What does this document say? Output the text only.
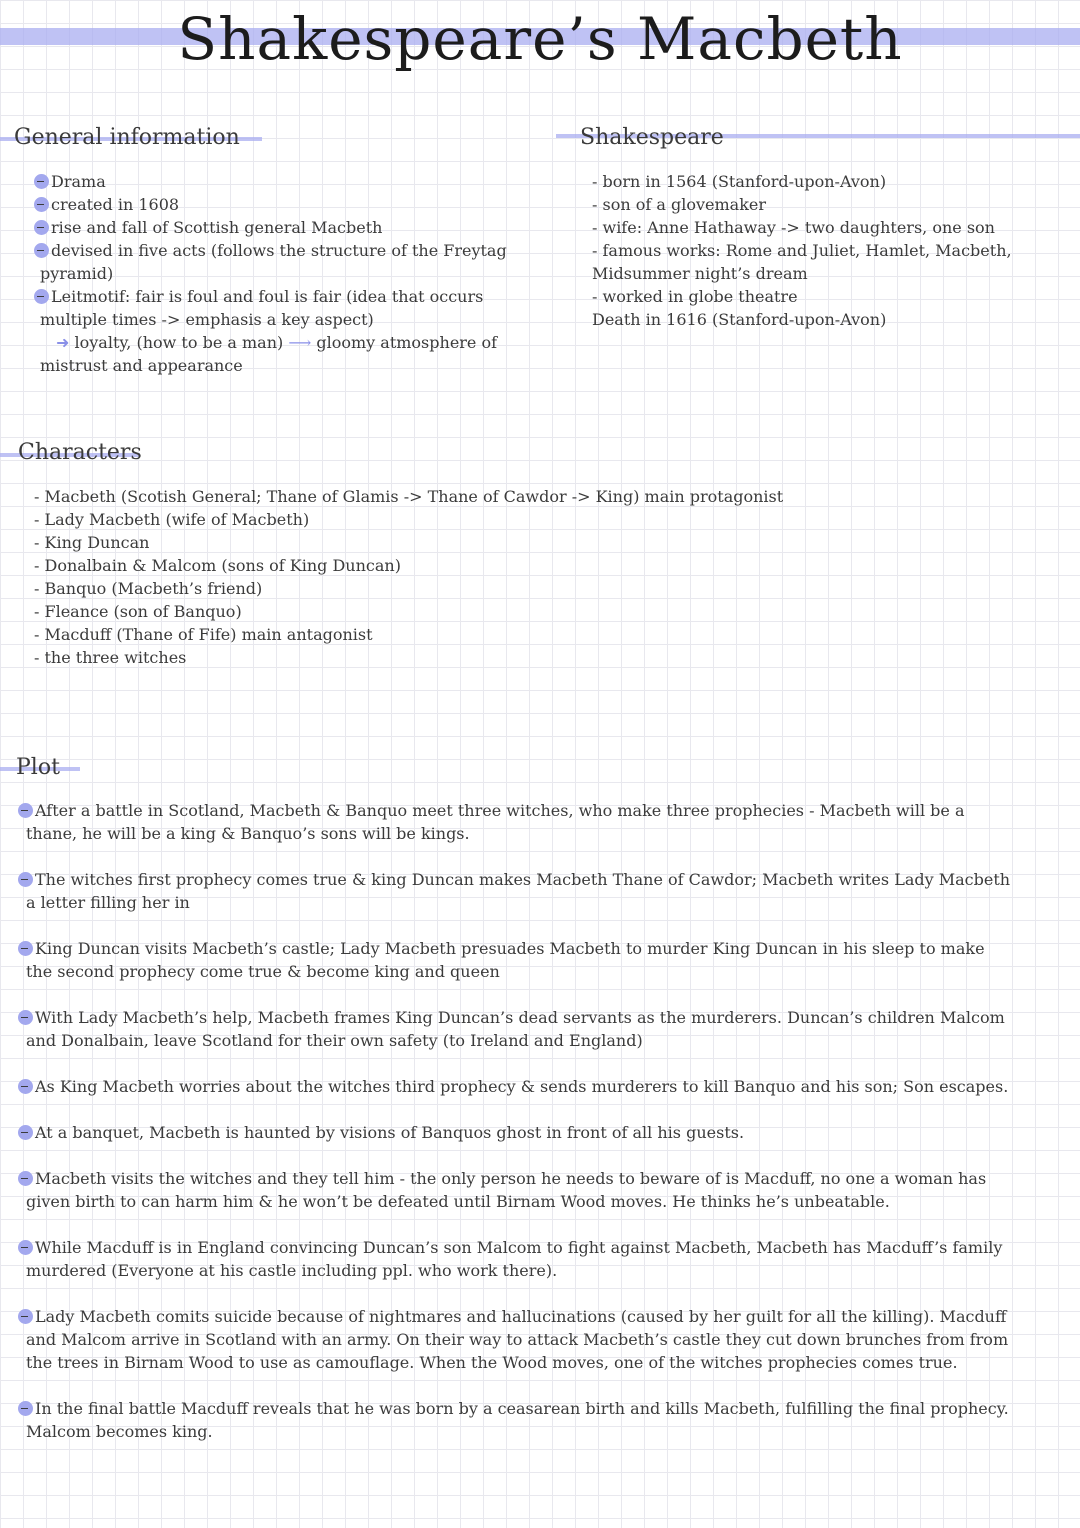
Shakespeare’s Macbeth
General information
Drama
created in 1608
rise and fall of Scottish general Macbeth
devised in five acts (follows the structure of the Freytag
pyramid)
Leitmotif: fair is foul and foul is fair (idea that occurs
multiple times -> emphasis a key aspect)
➜ loyalty, (how to be a man) ⟶ gloomy atmosphere of
mistrust and appearance
Shakespeare
- born in 1564 (Stanford-upon-Avon)
- son of a glovemaker
- wife: Anne Hathaway -> two daughters, one son
- famous works: Rome and Juliet, Hamlet, Macbeth,
Midsummer night’s dream
- worked in globe theatre
Death in 1616 (Stanford-upon-Avon)
Characters
- Macbeth (Scotish General; Thane of Glamis -> Thane of Cawdor -> King) main protagonist
- Lady Macbeth (wife of Macbeth)
- King Duncan
- Donalbain & Malcom (sons of King Duncan)
- Banquo (Macbeth’s friend)
- Fleance (son of Banquo)
- Macduff (Thane of Fife) main antagonist
- the three witches
Plot
After a battle in Scotland, Macbeth & Banquo meet three witches, who make three prophecies - Macbeth will be a
thane, he will be a king & Banquo’s sons will be kings.
The witches first prophecy comes true & king Duncan makes Macbeth Thane of Cawdor; Macbeth writes Lady Macbeth
a letter filling her in
King Duncan visits Macbeth’s castle; Lady Macbeth presuades Macbeth to murder King Duncan in his sleep to make
the second prophecy come true & become king and queen
With Lady Macbeth’s help, Macbeth frames King Duncan’s dead servants as the murderers. Duncan’s children Malcom
and Donalbain, leave Scotland for their own safety (to Ireland and England)
As King Macbeth worries about the witches third prophecy & sends murderers to kill Banquo and his son; Son escapes.
At a banquet, Macbeth is haunted by visions of Banquos ghost in front of all his guests.
Macbeth visits the witches and they tell him - the only person he needs to beware of is Macduff, no one a woman has
given birth to can harm him & he won’t be defeated until Birnam Wood moves. He thinks he’s unbeatable.
While Macduff is in England convincing Duncan’s son Malcom to fight against Macbeth, Macbeth has Macduff’s family
murdered (Everyone at his castle including ppl. who work there).
Lady Macbeth comits suicide because of nightmares and hallucinations (caused by her guilt for all the killing). Macduff
and Malcom arrive in Scotland with an army. On their way to attack Macbeth’s castle they cut down brunches from from
the trees in Birnam Wood to use as camouflage. When the Wood moves, one of the witches prophecies comes true.
In the final battle Macduff reveals that he was born by a ceasarean birth and kills Macbeth, fulfilling the final prophecy.
Malcom becomes king.
